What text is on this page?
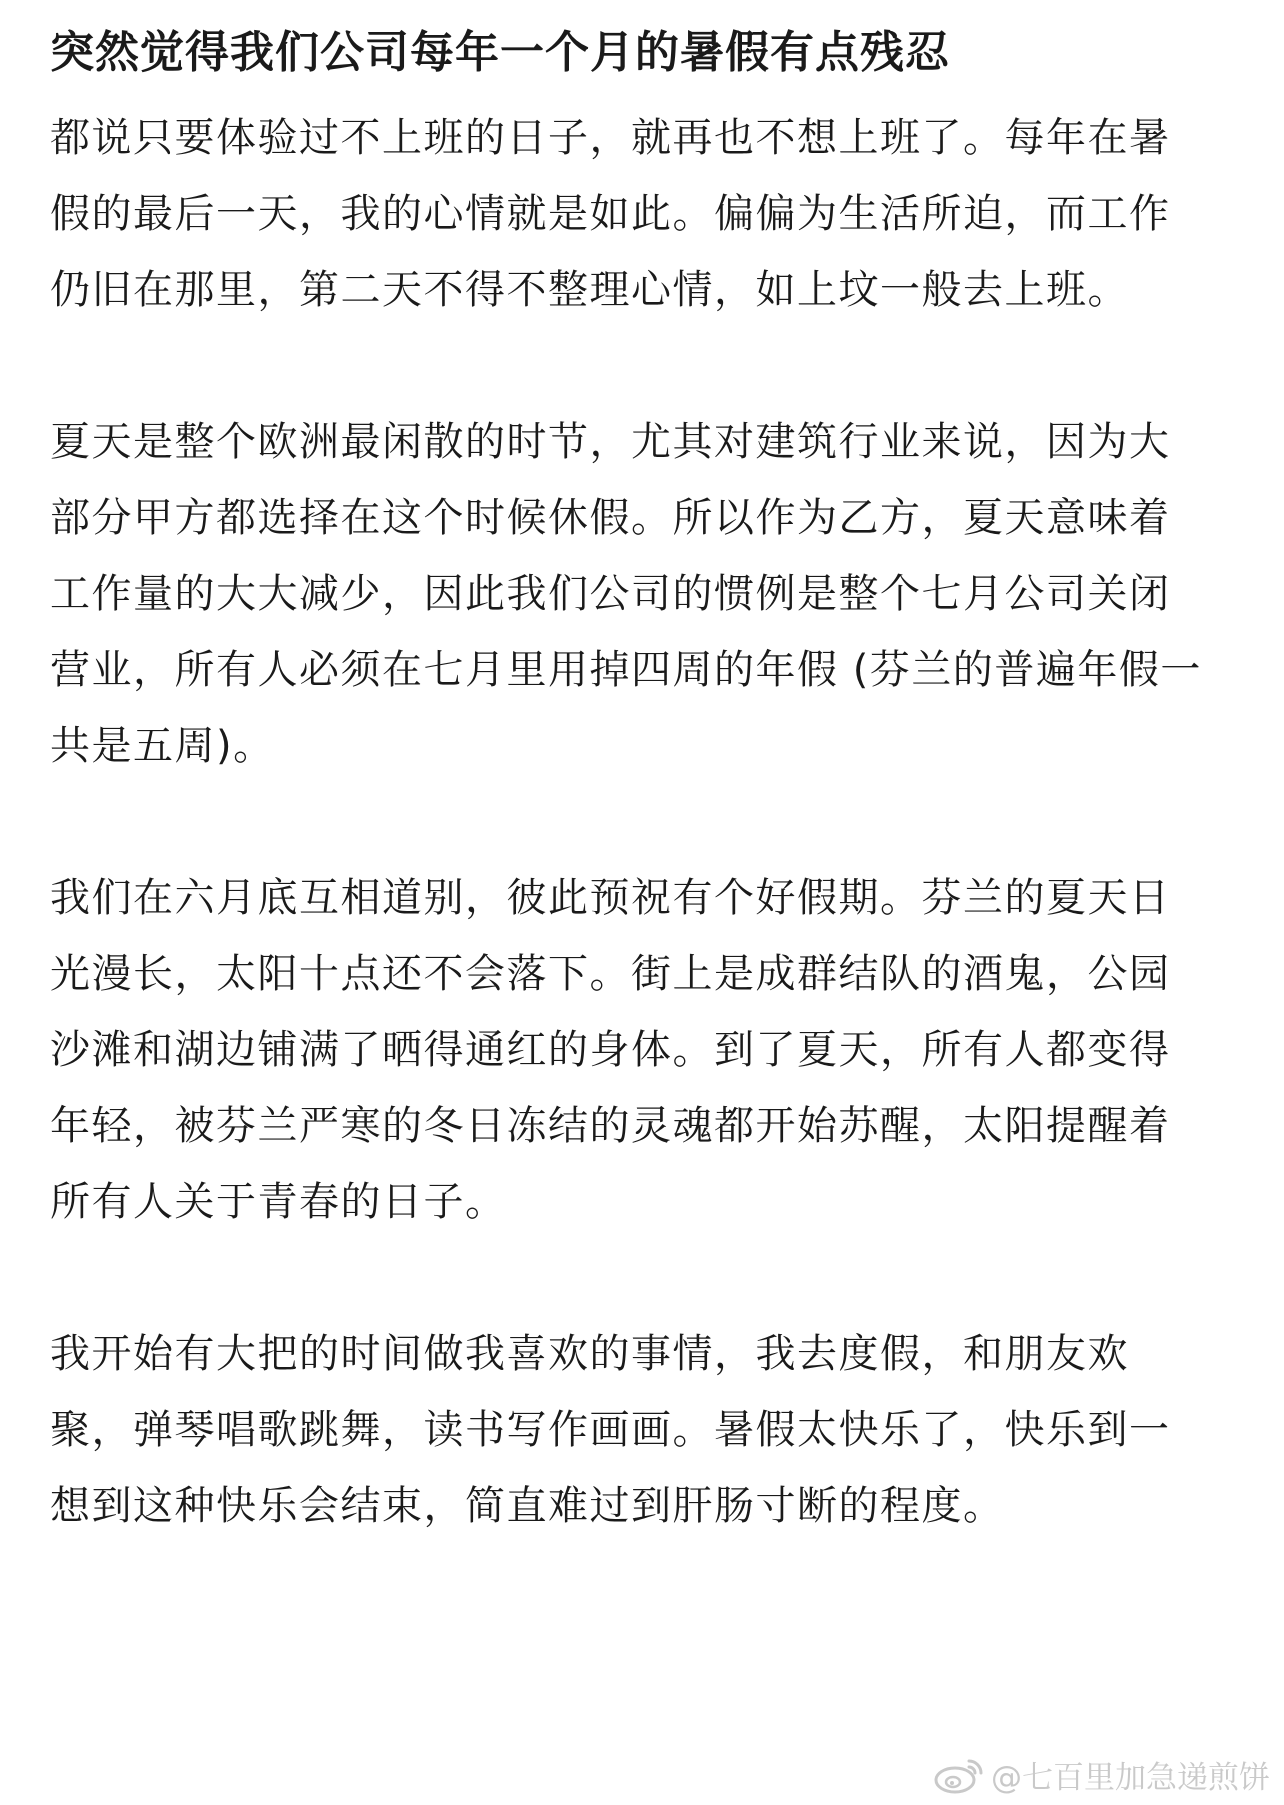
突然觉得我们公司每年一个月的暑假有点残忍

都说只要体验过不上班的日子，就再也不想上班了。每年在暑假的最后一天，我的心情就是如此。偏偏为生活所迫，而工作仍旧在那里，第二天不得不整理心情，如上坟一般去上班。

夏天是整个欧洲最闲散的时节，尤其对建筑行业来说，因为大部分甲方都选择在这个时候休假。所以作为乙方，夏天意味着工作量的大大减少，因此我们公司的惯例是整个七月公司关闭营业，所有人必须在七月里用掉四周的年假 (芬兰的普遍年假一共是五周)。

我们在六月底互相道别，彼此预祝有个好假期。芬兰的夏天日光漫长，太阳十点还不会落下。街上是成群结队的酒鬼，公园沙滩和湖边铺满了晒得通红的身体。到了夏天，所有人都变得年轻，被芬兰严寒的冬日冻结的灵魂都开始苏醒，太阳提醒着所有人关于青春的日子。

我开始有大把的时间做我喜欢的事情，我去度假，和朋友欢聚，弹琴唱歌跳舞，读书写作画画。暑假太快乐了，快乐到一想到这种快乐会结束，简直难过到肝肠寸断的程度。

@七百里加急递煎饼
